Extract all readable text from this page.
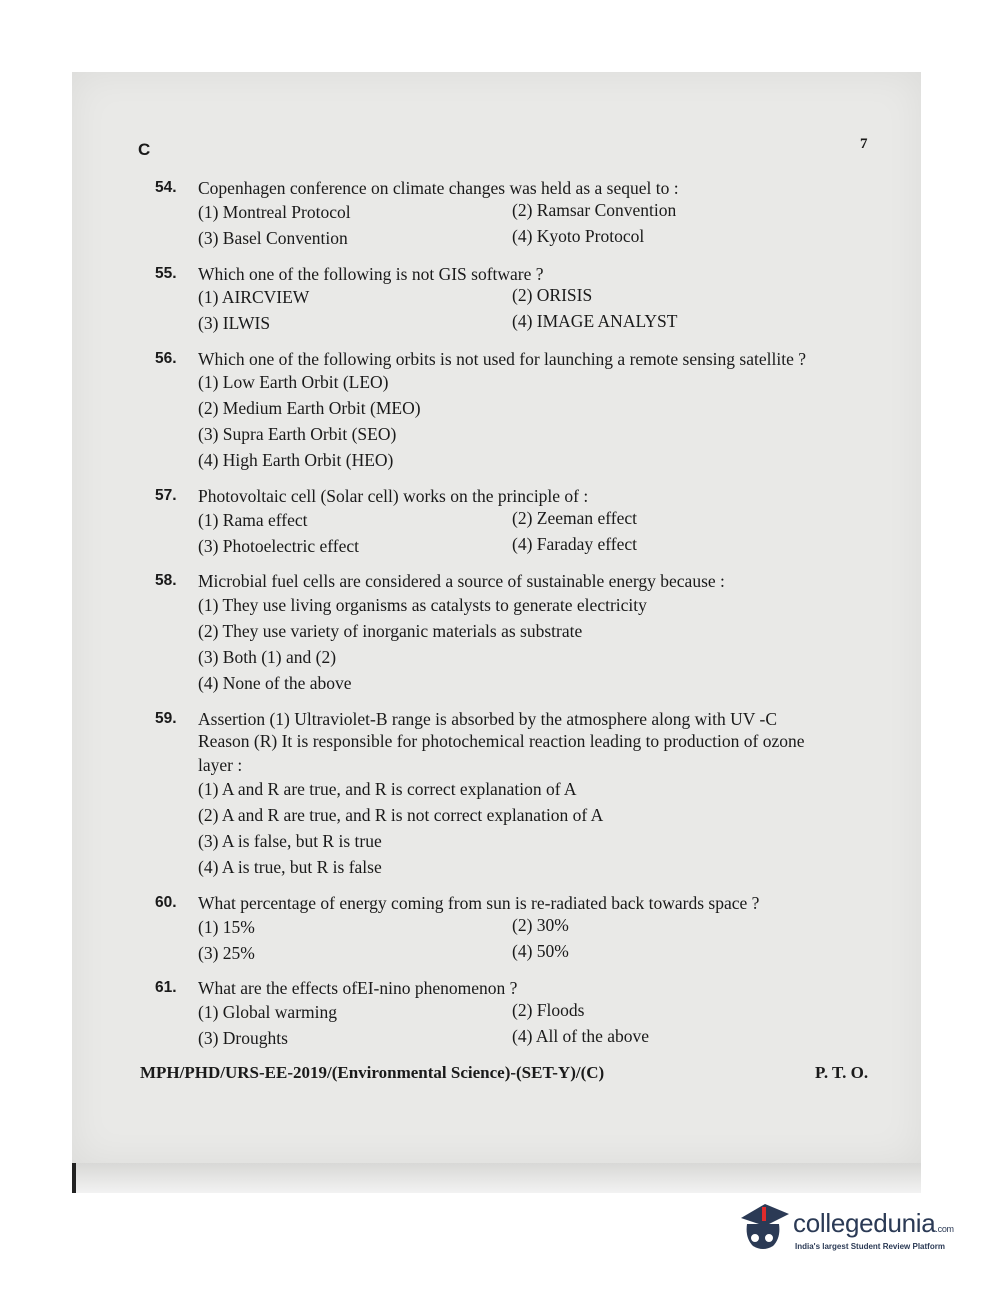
C	7
54. Copenhagen conference on climate changes was held as a sequel to :
(1) Montreal Protocol	(2) Ramsar Convention
(3) Basel Convention	(4) Kyoto Protocol
55. Which one of the following is not GIS software ?
(1) AIRCVIEW	(2) ORISIS
(3) ILWIS	(4) IMAGE ANALYST
56. Which one of the following orbits is not used for launching a remote sensing satellite ?
(1) Low Earth Orbit (LEO)
(2) Medium Earth Orbit (MEO)
(3) Supra Earth Orbit (SEO)
(4) High Earth Orbit (HEO)
57. Photovoltaic cell (Solar cell) works on the principle of :
(1) Rama effect	(2) Zeeman effect
(3) Photoelectric effect	(4) Faraday effect
58. Microbial fuel cells are considered a source of sustainable energy because :
(1) They use living organisms as catalysts to generate electricity
(2) They use variety of inorganic materials as substrate
(3) Both (1) and (2)
(4) None of the above
59. Assertion (1) Ultraviolet-B range is absorbed by the atmosphere along with UV -C
Reason (R) It is responsible for photochemical reaction leading to production of ozone
layer :
(1) A and R are true, and R is correct explanation of A
(2) A and R are true, and R is not correct explanation of A
(3) A is false, but R is true
(4) A is true, but R is false
60. What percentage of energy coming from sun is re-radiated back towards space ?
(1) 15%	(2) 30%
(3) 25%	(4) 50%
61. What are the effects ofEI-nino phenomenon ?
(1) Global warming	(2) Floods
(3) Droughts	(4) All of the above
MPH/PHD/URS-EE-2019/(Environmental Science)-(SET-Y)/(C)	P. T. O.
collegedunia.com
India's largest Student Review Platform
